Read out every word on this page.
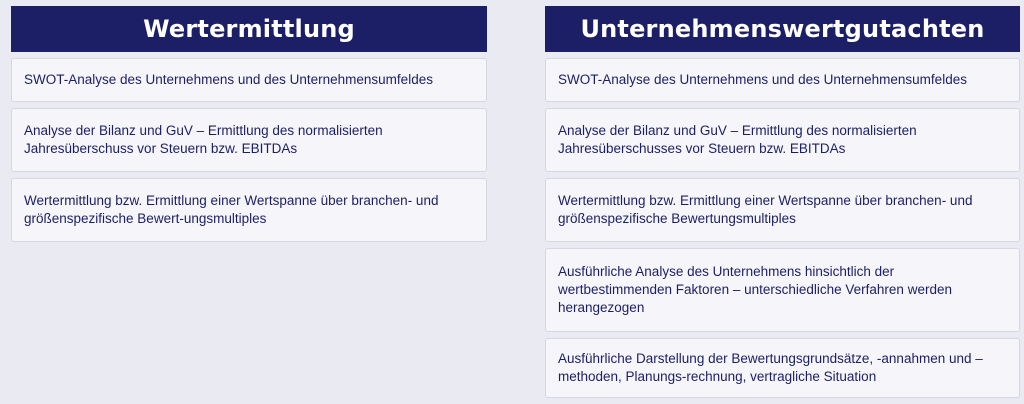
Wertermittlung
SWOT-Analyse des Unternehmens und des Unternehmensumfeldes
Analyse der Bilanz und GuV – Ermittlung des normalisierten Jahresüberschuss vor Steuern bzw. EBITDAs
Wertermittlung bzw. Ermittlung einer Wertspanne über branchen- und größenspezifische Bewert-ungsmultiples
Unternehmenswertgutachten
SWOT-Analyse des Unternehmens und des Unternehmensumfeldes
Analyse der Bilanz und GuV – Ermittlung des normalisierten Jahresüberschusses vor Steuern bzw. EBITDAs
Wertermittlung bzw. Ermittlung einer Wertspanne über branchen- und größenspezifische Bewertungsmultiples
Ausführliche Analyse des Unternehmens hinsichtlich der wertbestimmenden Faktoren – unterschiedliche Verfahren werden herangezogen
Ausführliche Darstellung der Bewertungsgrundsätze, -annahmen und –methoden, Planungs-rechnung, vertragliche Situation
